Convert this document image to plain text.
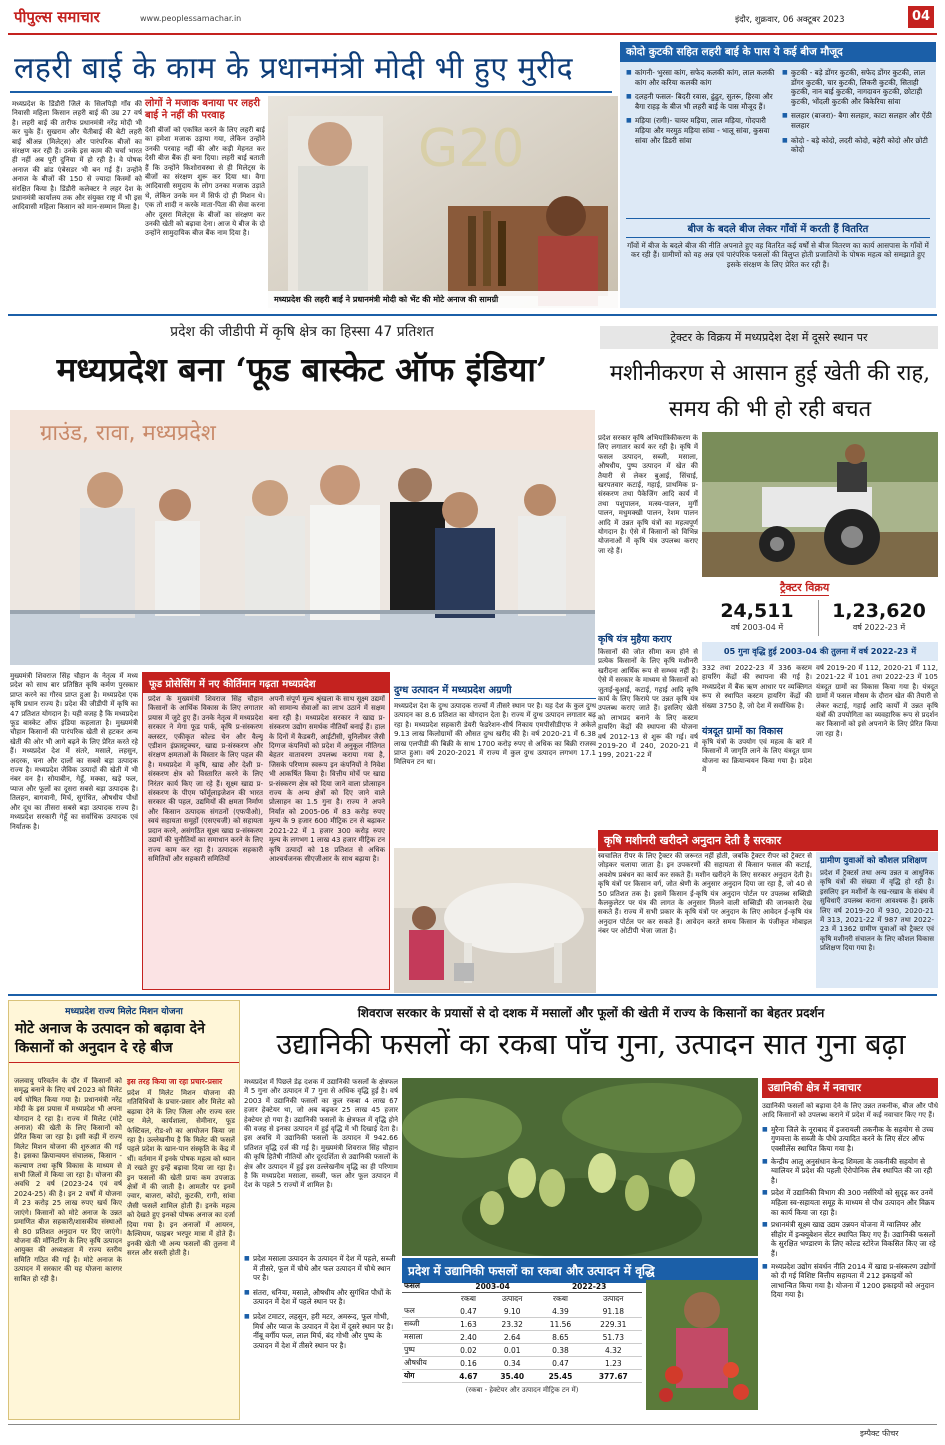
पीपुल्स समाचार	www.peoplessamachar.in	इंदौर, शुक्रवार, 06 अक्टूबर 2023	04
लहरी बाई के काम के प्रधानमंत्री मोदी भी हुए मुरीद
मध्यप्रदेश के डिंडौरी जिले के सिलपिड़ी गाँव की निवासी महिला किसान लहरी बाई की उम्र 27 वर्ष है। लहरी बाई की तारीफ प्रधानमंत्री नरेंद्र मोदी भी कर चुके हैं। सुखराम और चैतीबाई की बेटी लहरी बाई श्रीअन्न (मिलेट्स) और पारंपरिक बीजों का संरक्षण कर रही हैं। उनके इस काम की चर्चा भारत ही नहीं अब पूरी दुनिया में हो रही है। वे पोषक अनाज की ब्रांड एंबेसडर भी बन गई हैं। उन्होंने अनाज के बीजों की 150 से ज्यादा किस्मों को संरक्षित किया है। डिंडौरी कलेक्टर ने लहर देश के प्रधानमंत्री कार्यालय तक और संयुक्त राष्ट्र में भी इस आदिवासी महिला किसान को मान-सम्मान मिला है।
लोगों ने मजाक बनाया पर लहरी बाई ने नहीं की परवाह
देसी बीजों को एकत्रित करने के लिए लहरी बाई का हमेशा मजाक उड़ाया गया, लेकिन उन्होंने उनकी परवाह नहीं की और कड़ी मेहनत कर देसी बीज बैंक ही बना दिया। लहरी बाई बताती हैं कि उन्होंने किशोरावस्था से ही मिलेट्स के बीजों का संरक्षण शुरू कर दिया था। वैगा आदिवासी समुदाय के लोग उनका मजाक उड़ाते थे, लेकिन उनके मन में सिर्फ दो ही मिशन थे। एक तो शादी न करके माता-पिता की सेवा करना और दूसरा मिलेट्स के बीजों का संरक्षण कर उनकी खेती को बढ़ावा देना। आज ये बीज के दो उन्होंने सामुदायिक बीज बैंक नाम दिया है।
G20
मध्यप्रदेश की लहरी बाई ने प्रधानमंत्री मोदी को भेंट की मोटे अनाज की सामग्री
कोदो कुटकी सहित लहरी बाई के पास ये कई बीज मौजूद
■ कांगनी- भुरसा कांग, सफेद कलकी कांग, लाल कलकी कांग और करिया कलकी कांग
■ दलहनी फसल- बिदरी रवास, ढुंढुर, सुतरू, हिरवा और बैगा राहड़ के बीज भी लहरी बाई के पास मौजूद हैं।
■ मड़िया (रागी)- चायर मड़िया, लाल मड़िया, गोदपारी मड़िया और मरमुठ मड़िया सांवा - भालू सांवा, कुसवा सांवा और डिडरी सांवा
■ कुटकी - बड़े डोंगर कुटकी, सफेद डोंगर कुटकी, लाल डोंगर कुटकी, चार कुटकी, लिकरी कुटकी, सिताही कुटकी, नान बाई कुटकी, नागदावन कुटकी, छोटाही कुटकी, भोंदली कुटकी और बिकेरिया सांवा
■ सलहार (बाजरा)- बैगा सलहार, काटा सलहार और ऐंठी सलहार
■ कोदो - बड़े कोदो, लदरी कोदो, बहेरी कोदो और छोटी कोदो
बीज के बदले बीज लेकर गाँवों में करती हैं वितरित
गाँवों में बीज के बदले बीज की नीति अपनाते हुए वह वितरित कई वर्षों से बीज वितरण का कार्य आसपास के गाँवों में कर रही हैं। ग्रामीणों को वह अन्न एवं पारंपरिक फसलों की विलुप्त होती प्रजातियों के पोषक महत्व को समझाते हुए इसके संरक्षण के लिए प्रेरित कर रही हैं।
प्रदेश की जीडीपी में कृषि क्षेत्र का हिस्सा 47 प्रतिशत
मध्यप्रदेश बना ‘फूड बास्केट ऑफ इंडिया’
ग्राउंड, रावा, मध्यप्रदेश
मुख्यमंत्री शिवराज सिंह चौहान के नेतृत्व में मध्य प्रदेश को साथ बार प्रतिष्ठित कृषि कर्मण पुरस्कार प्राप्त करने का गौरव प्राप्त हुआ है। मध्यप्रदेश एक कृषि प्रधान राज्य है। प्रदेश की जीडीपी में कृषि का 47 प्रतिशत योगदान है। यही वजह है कि मध्यप्रदेश फूड बास्केट ऑफ इंडिया कहलाता है। मुख्यमंत्री चौहान किसानों की पारंपरिक खेती से हटकर अन्य खेती की ओर भी आगे बढ़ने के लिए प्रेरित करते रहे हैं। मध्यप्रदेश देश में संतरे, मसाले, लहसुन, अदरक, चना और दालों का सबसे बड़ा उत्पादक राज्य है। मध्यप्रदेश जैविक उत्पादों की खेती में भी नंबर वन है। सोयाबीन, गेहूँ, मक्का, खड़े फल, प्याज और फूलों का दूसरा सबसे बड़ा उत्पादक है। तिलहन, बागवानी, मिर्च, सुगंधित, औषधीय पौधों और दूध का तीसरा सबसे बड़ा उत्पादक राज्य है। मध्यप्रदेश सरकारी गेहूँ का सर्वाधिक उत्पादक एवं निर्यातक है।
फूड प्रोसेसिंग में नए कीर्तिमान गढ़ता मध्यप्रदेश
प्रदेश के मुख्यमंत्री शिवराज सिंह चौहान किसानों के आर्थिक विकास के लिए लगातार प्रयास में जुटे हुए हैं। उनके नेतृत्व में मध्यप्रदेश सरकार ने मेगा फूड पार्क, कृषि प्र-संस्करण क्लस्टर, एकीकृत कोल्ड चेन और वैल्यू एडीशन इंफ्रास्ट्रक्चर, खाद्य प्र-संस्करण और संरक्षण क्षमताओं के विस्तार के लिए पहल की है। मध्यप्रदेश में कृषि, खाद्य और देशी प्र-संस्करण क्षेत्र को विस्तारित करने के लिए निरंतर कार्य किए जा रहे हैं। सूक्ष्म खाद्य प्र-संस्करण के पीएम फॉर्मूलाइजेशन की भारत सरकार की पहल, उद्यमियों की क्षमता निर्माण और किसान उत्पादक संगठनों (एफपीओ), स्वयं सहायता समूहों (एसएचजी) को सहायता प्रदान करने, असंगठित सूक्ष्म खाद्य प्र-संस्करण उद्यमों की चुनौतियों का समाधान करने के लिए राज्य काम कर रहा है। उत्पादक सहकारी समितियों और सहकारी समितियों
अपनी संपूर्ण मूल्य श्रृंखला के साथ सूक्ष्म उद्यमों को सामान्य सेवाओं का लाभ उठाने में सक्षम बना रही है। मध्यप्रदेश सरकार ने खाद्य प्र-संस्करण उद्योग समर्थक नीतियाँ बनाई हैं। हाल के दिनों में कैडबरी, आईटीसी, यूनिलीवर जैसी दिग्गज कंपनियों को प्रदेश में अनुकूल नीतिगत बेहतर वातावरण उपलब्ध कराया गया है, जिसके परिणाम स्वरूप इन कंपनियों ने निवेश भी आकर्षित किया है। वित्तीय मोर्चे पर खाद्य प्र-संस्करण क्षेत्र को दिया जाने वाला प्रोत्साहन राज्य के अन्य क्षेत्रों को दिए जाने वाले प्रोत्साहन का 1.5 गुना है। राज्य ने अपने निर्यात को 2005-06 में 83 करोड़ रुपए मूल्य के 9 हजार 600 मीट्रिक टन से बढ़ाकर 2021-22 में 1 हजार 300 करोड़ रुपए मूल्य के लगभग 1 लाख 43 हजार मीट्रिक टन कृषि उत्पादों को 18 प्रतिशत से अधिक आश्चर्यजनक सीएजीआर के साथ बढ़ाया है।
दुग्ध उत्पादन में मध्यप्रदेश अग्रणी
मध्यप्रदेश देश के दुग्ध उत्पादक राज्यों में तीसरे स्थान पर है। यह देश के कुल दुग्ध उत्पादन का 8.6 प्रतिशत का योगदान देता है। राज्य में दुग्ध उत्पादन लगातार बढ़ रहा है। मध्यप्रदेश सहकारी डेयरी फेडरेशन-शीर्ष निकाय एमपीसीडीएफ ने अकेले 9.13 लाख किलोग्रामों की औसत दुग्ध खरीद की है। वर्ष 2020-21 में 6.38 लाख एलपीडी की बिक्री के साथ 1700 करोड़ रुपए से अधिक का बिक्री राजस्व प्राप्त हुआ। वर्ष 2020-2021 में राज्य में कुल दुग्ध उत्पादन लगभग 17.1 मिलियन टन था।
ट्रेक्टर के विक्रय में मध्यप्रदेश देश में दूसरे स्थान पर
मशीनीकरण से आसान हुई खेती की राह, समय की भी हो रही बचत
प्रदेश सरकार कृषि अभियांत्रिकीकरण के लिए लगातार कार्य कर रही है। कृषि में फसल उत्पादन, सब्जी, मसाला, औषधीय, पुष्प उत्पादन में खेत की तैयारी से लेकर बुआई, सिंचाई, खरपतवार कटाई, गहाई, प्राथमिक प्र-संस्करण तथा पैकेजिंग आदि कार्य में तथा पशुपालन, मत्स्य-पालन, मुर्गी पालन, मधुमक्खी पालन, रेशम पालन आदि में उन्नत कृषि यंत्रों का महत्वपूर्ण योगदान है। ऐसे में किसानों को विभिन्न योजनाओं में कृषि यंत्र उपलब्ध कराए जा रहे हैं।
ट्रैक्टर विक्रय
24,511
वर्ष 2003-04 में
1,23,620
वर्ष 2022-23 में
कृषि यंत्र मुहैया कराए
05 गुना वृद्धि हुई 2003-04 की तुलना में वर्ष 2022-23 में
किसानों की जोत सीमा कम होने से प्रत्येक किसानों के लिए कृषि मशीनरी खरीदना आर्थिक रूप से सम्भव नहीं है। ऐसे में सरकार के माध्यम से किसानों को जुताई-बुआई, कटाई, गहाई आदि कृषि कार्य के लिए किराये पर उन्नत कृषि यंत्र उपलब्ध कराए जाते हैं। इसलिए खेती को लाभप्रद बनाने के लिए कस्टम हायरिंग केंद्रों की स्थापना की योजना वर्ष 2012-13 से शुरू की गई। वर्ष 2019-20 में 240, 2020-21 में 199, 2021-22 में
332 तथा 2022-23 में 336 कस्टम हायरिंग केंद्रों की स्थापना की गई है। मध्यप्रदेश में बैंक ऋण आधार पर व्यक्तिगत रूप से स्थापित कस्टम हायरिंग केंद्रों की संख्या 3750 है, जो देश में सर्वाधिक है।
यंत्रदूत ग्रामों का विकास
कृषि यंत्रों के उपयोग एवं महत्व के बारे में किसानों में जागृति लाने के लिए यंत्रदूत ग्राम योजना का क्रियान्वयन किया गया है। प्रदेश में
वर्ष 2019-20 में 112, 2020-21 में 112, 2021-22 में 101 तथा 2022-23 में 105 यंत्रदूत ग्रामों का विकास किया गया है। यंत्रदूत ग्रामों में फसल मौसम के दौरान खेत की तैयारी से लेकर कटाई, गहाई आदि कार्यों में उन्नत कृषि यंत्रों की उपयोगिता का व्यवहारिक रूप से प्रदर्शन कर किसानों को इसे अपनाने के लिए प्रेरित किया जा रहा है।
कृषि मशीनरी खरीदने अनुदान देती है सरकार
स्वचालित रीपर के लिए ट्रैक्टर की जरूरत नहीं होती, जबकि ट्रैक्टर रीपर को ट्रैक्टर से जोड़कर चलाया जाता है। इन उपकरणों की सहायता से किसान फसल की कटाई, अवशेष प्रबंधन का कार्य कर सकते हैं। मशीन खरीदने के लिए सरकार अनुदान देती है। कृषि यंत्रों पर किसान वर्ग, जोत श्रेणी के अनुसार अनुदान दिया जा रहा है, जो 40 से 50 प्रतिशत तक है। इसमें किसान ई-कृषि यंत्र अनुदान पोर्टल पर उपलब्ध सब्सिडी कैलकुलेटर पर यंत्र की लागत के अनुसार मिलने वाली सब्सिडी की जानकारी देख सकते हैं। राज्य में सभी प्रकार के कृषि यंत्रों पर अनुदान के लिए आवेदन ई-कृषि यंत्र अनुदान पोर्टल पर कर सकते हैं। आवेदन करते समय किसान के पंजीकृत मोबाइल नंबर पर ओटीपी भेजा जाता है।
ग्रामीण युवाओं को कौशल प्रशिक्षण
प्रदेश में ट्रैक्टर्स तथा अन्य उन्नत व आधुनिक कृषि यंत्रों की संख्या में वृद्धि हो रही है। इसलिए इन मशीनों के रख-रखाव के संबंध में सुविधाएँ उपलब्ध कराना आवश्यक है। इसके लिए वर्ष 2019-20 में 930, 2020-21 में 313, 2021-22 में 987 तथा 2022-23 में 1362 ग्रामीण युवाओं को ट्रैक्टर एवं कृषि मशीनरी संचालन के लिए कौशल विकास प्रशिक्षण दिया गया है।
मध्यप्रदेश राज्य मिलेट मिशन योजना
मोटे अनाज के उत्पादन को बढ़ावा देने किसानों को अनुदान दे रहे बीज
जलवायु परिवर्तन के दौर में किसानों को समृद्ध बनाने के लिए वर्ष 2023 को मिलेट वर्ष घोषित किया गया है। प्रधानमंत्री नरेंद्र मोदी के इस प्रयास में मध्यप्रदेश भी अपना योगदान दे रहा है। राज्य में मिलेट (मोटे अनाज) की खेती के लिए किसानों को प्रेरित किया जा रहा है। इसी कड़ी में राज्य मिलेट मिशन योजना की शुरुआत की गई है। इसका क्रियान्वयन संचालक, किसान - कल्याण तथा कृषि विकास के माध्यम से सभी जिलों में किया जा रहा है। योजना की अवधि 2 वर्ष (2023-24 एवं वर्ष 2024-25) की है। इन 2 वर्षों में योजना में 23 करोड़ 25 लाख रुपए खर्च किए जाएंगे। किसानों को मोटे अनाज के उन्नत प्रमाणित बीज सहकारी/शासकीय संस्थाओं से 80 प्रतिशत अनुदान पर दिए जाएंगे। योजना की मॉनिटरिंग के लिए कृषि उत्पादन आयुक्त की अध्यक्षता में राज्य स्तरीय समिति गठित की गई है। मोटे अनाज के उत्पादन में सरकार की यह योजना कारगर साबित हो रही है।
इस तरह किया जा रहा प्रचार-प्रसार
प्रदेश में मिलेट मिशन योजना की गतिविधियों के प्रचार-प्रसार और मिलेट को बढ़ावा देने के लिए जिला और राज्य स्तर पर मेले, कार्यशाला, सेमीनार, फूड फेस्टिवल, रोड-शो का आयोजन किया जा रहा है। उल्लेखनीय है कि मिलेट की फसलें पहले प्रदेश के खान-पान संस्कृति के केंद्र में थीं। वर्तमान में इनके पोषक महत्व को ध्यान में रखते हुए इन्हें बढ़ावा दिया जा रहा है। इन फसलों की खेती प्रायः कम उपजाऊ क्षेत्रों में की जाती है। आमतौर पर इनमें ज्वार, बाजरा, कोदो, कुटकी, रागी, सांवा जैसी फसलें शामिल होती हैं। इनके महत्व को देखते हुए इनको पोषक अनाज का दर्जा दिया गया है। इन अनाजों में आयरन, कैल्शियम, फाइबर भरपूर मात्रा में होते हैं। इनकी खेती भी अन्य फसलों की तुलना में सरल और सस्ती होती है।
शिवराज सरकार के प्रयासों से दो दशक में मसालों और फूलों की खेती में राज्य के किसानों का बेहतर प्रदर्शन
उद्यानिकी फसलों का रकबा पाँच गुना, उत्पादन सात गुना बढ़ा
मध्यप्रदेश में पिछले डेढ़ दशक में उद्यानिकी फसलों के क्षेत्रफल में 5 गुना और उत्पादन में 7 गुना से अधिक वृद्धि हुई है। वर्ष 2003 में उद्यानिकी फसलों का कुल रकबा 4 लाख 67 हजार हेक्टेयर था, जो अब बढ़कर 25 लाख 45 हजार हेक्टेयर हो गया है। उद्यानिकी फसलों के क्षेत्रफल में वृद्धि होने की वजह से इनका उत्पादन में हुई वृद्धि में भी दिखाई देता है। इस अवधि में उद्यानिकी फसलों के उत्पादन में 942.66 प्रतिशत वृद्धि दर्ज की गई है। मुख्यमंत्री शिवराज सिंह चौहान की कृषि हितैषी नीतियों और दूरदर्शिता से उद्यानिकी फसलों के क्षेत्र और उत्पादन में हुई इस उल्लेखनीय वृद्धि का ही परिणाम है कि मध्यप्रदेश मसाला, सब्जी, फल और फूल उत्पादन में देश के पहले 5 राज्यों में शामिल है।
■ प्रदेश मसाला उत्पादन के उत्पादन में देश में पहले, सब्जी में तीसरे, फूल में चौथे और फल उत्पादन में चौथे स्थान पर है।
■ संतरा, धनिया, मसाले, औषधीय और सुगंधित पौधों के उत्पादन में देश में पहले स्थान पर है।
■ प्रदेश टमाटर, लहसुन, हरी मटर, अमरूद, फूल गोभी, मिर्च और प्याज के उत्पादन में देश में दूसरे स्थान पर है। नींबू वर्गीय फल, लाल मिर्च, बंद गोभी और पुष्प के उत्पादन में देश में तीसरे स्थान पर है।
प्रदेश में उद्यानिकी फसलों का रकबा और उत्पादन में वृद्धि
फसल	2003-04		2022-23	
	रकबा	उत्पादन	रकबा	उत्पादन
फल	0.47	9.10	4.39	91.18
सब्जी	1.63	23.32	11.56	229.31
मसाला	2.40	2.64	8.65	51.73
पुष्प	0.02	0.01	0.38	4.32
औषधीय	0.16	0.34	0.47	1.23
योग	4.67	35.40	25.45	377.67
(रकबा - हेक्टेयर और उत्पादन मीट्रिक टन में)
उद्यानिकी क्षेत्र में नवाचार
उद्यानिकी फसलों को बढ़ावा देने के लिए उन्नत तकनीक, बीज और पौधे आदि किसानों को उपलब्ध कराने में प्रदेश में कई नवाचार किए गए हैं।
■ मुरैना जिले के नूराबाद में इजरायली तकनीक के सहयोग से उच्च गुणवत्ता के सब्जी के पौधे उत्पादित करने के लिए सेंटर ऑफ एक्सीलेंस स्थापित किया गया है।
■ केन्द्रीय आलू अनुसंधान केन्द्र शिमला के तकनीकी सहयोग से ग्वालियर में प्रदेश की पहली ऐरोपोनिक लैब स्थापित की जा रही है।
■ प्रदेश में उद्यानिकी विभाग की 300 नर्सरियों को सुदृढ़ कर उनमें महिला स्व-सहायता समूह के माध्यम से पौध उत्पादन और विक्रय का कार्य किया जा रहा है।
■ प्रधानमंत्री सूक्ष्म खाद्य उद्यम उन्नयन योजना में ग्वालियर और सीहोर में इन्क्यूबेशन सेंटर स्थापित किए गए हैं। उद्यानिकी फसलों के सुरक्षित भण्डारण के लिए कोल्ड स्टोरेज विकसित किए जा रहे हैं।
■ मध्यप्रदेश उद्योग संवर्धन नीति 2014 में खाद्य प्र-संस्करण उद्योगों को दी गई विशिष्ट वित्तीय सहायता में 212 इकाइयों को लाभान्वित किया गया है। योजना में 1200 इकाइयों को अनुदान दिया गया है।
इम्पैक्ट फीचर
